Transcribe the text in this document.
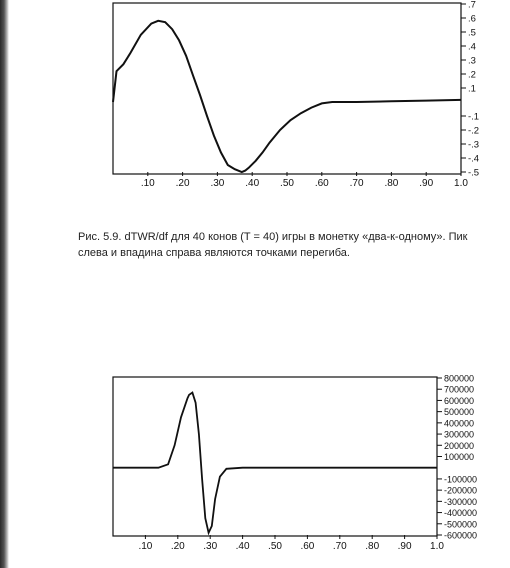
.7
.6
.5
.4
.3
.2
.1
-.1
-.2
-.3
-.4
-.5
.10 .20 .30 .40 .50 .60 .70 .80 .90 1.0
Рис. 5.9. dTWR/df для 40 конов (T = 40) игры в монетку «два-к-одному». Пик
слева и впадина справа являются точками перегиба.
800000
700000
600000
500000
400000
300000
200000
100000
-100000
-200000
-300000
-400000
-500000
-600000
.10 .20 .30 .40 .50 .60 .70 .80 .90 1.0
